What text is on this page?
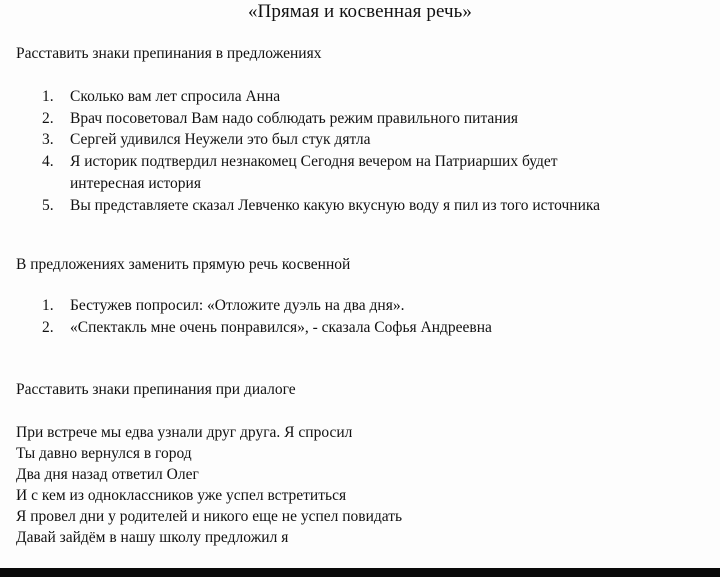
«Прямая и косвенная речь»
Расставить знаки препинания в предложениях
1. Сколько вам лет спросила Анна
2. Врач посоветовал Вам надо соблюдать режим правильного питания
3. Сергей удивился Неужели это был стук дятла
4. Я историк подтвердил незнакомец Сегодня вечером на Патриарших будет
интересная история
5. Вы представляете сказал Левченко какую вкусную воду я пил из того источника
В предложениях заменить прямую речь косвенной
1. Бестужев попросил: «Отложите дуэль на два дня».
2. «Спектакль мне очень понравился», - сказала Софья Андреевна
Расставить знаки препинания при диалоге
При встрече мы едва узнали друг друга. Я спросил
Ты давно вернулся в город
Два дня назад ответил Олег
И с кем из одноклассников уже успел встретиться
Я провел дни у родителей и никого еще не успел повидать
Давай зайдём в нашу школу предложил я
